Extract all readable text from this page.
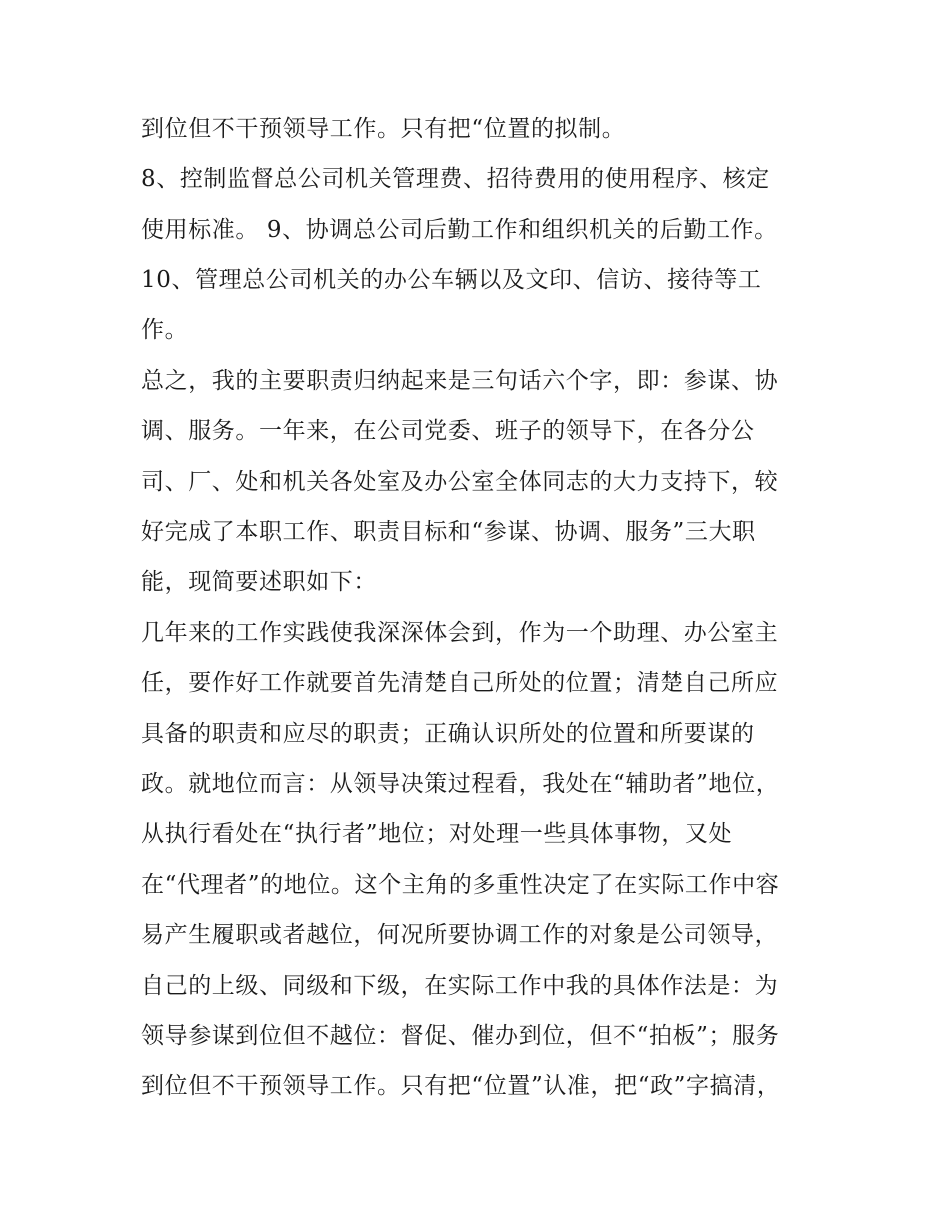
到位但不干预领导工作。只有把“位置的拟制。
8、控制监督总公司机关管理费、招待费用的使用程序、核定
使用标准。 9、协调总公司后勤工作和组织机关的后勤工作。
10、管理总公司机关的办公车辆以及文印、信访、接待等工
作。
总之，我的主要职责归纳起来是三句话六个字，即：参谋、协
调、服务。一年来，在公司党委、班子的领导下，在各分公
司、厂、处和机关各处室及办公室全体同志的大力支持下，较
好完成了本职工作、职责目标和“参谋、协调、服务”三大职
能，现简要述职如下：
几年来的工作实践使我深深体会到，作为一个助理、办公室主
任，要作好工作就要首先清楚自己所处的位置；清楚自己所应
具备的职责和应尽的职责；正确认识所处的位置和所要谋的
政。就地位而言：从领导决策过程看，我处在“辅助者”地位，
从执行看处在“执行者”地位；对处理一些具体事物，又处
在“代理者”的地位。这个主角的多重性决定了在实际工作中容
易产生履职或者越位，何况所要协调工作的对象是公司领导，
自己的上级、同级和下级，在实际工作中我的具体作法是：为
领导参谋到位但不越位：督促、催办到位，但不“拍板”；服务
到位但不干预领导工作。只有把“位置”认准，把“政”字搞清，
